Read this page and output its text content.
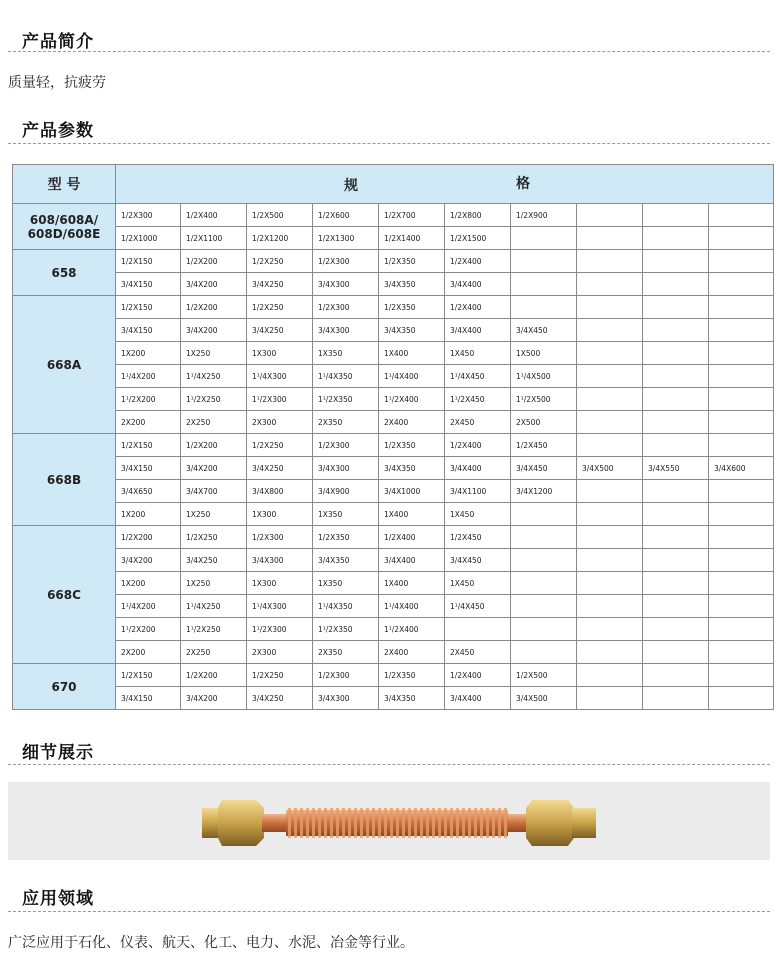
产品简介
质量轻，抗疲劳
产品参数
型 号	规 格									

608/608A/
608D/608E	1/2X300	1/2X400	1/2X500	1/2X600	1/2X700	1/2X800	1/2X900			
	1/2X1000	1/2X1100	1/2X1200	1/2X1300	1/2X1400	1/2X1500				
658	1/2X150	1/2X200	1/2X250	1/2X300	1/2X350	1/2X400				
	3/4X150	3/4X200	3/4X250	3/4X300	3/4X350	3/4X400				
668A	1/2X150	1/2X200	1/2X250	1/2X300	1/2X350	1/2X400				
	3/4X150	3/4X200	3/4X250	3/4X300	3/4X350	3/4X400	3/4X450			
	1X200	1X250	1X300	1X350	1X400	1X450	1X500			
	1¹/4X200	1¹/4X250	1¹/4X300	1¹/4X350	1¹/4X400	1¹/4X450	1¹/4X500			
	1¹/2X200	1¹/2X250	1¹/2X300	1¹/2X350	1¹/2X400	1¹/2X450	1¹/2X500			
	2X200	2X250	2X300	2X350	2X400	2X450	2X500			
668B	1/2X150	1/2X200	1/2X250	1/2X300	1/2X350	1/2X400	1/2X450			
	3/4X150	3/4X200	3/4X250	3/4X300	3/4X350	3/4X400	3/4X450	3/4X500	3/4X550	3/4X600
	3/4X650	3/4X700	3/4X800	3/4X900	3/4X1000	3/4X1100	3/4X1200			
	1X200	1X250	1X300	1X350	1X400	1X450				
668C	1/2X200	1/2X250	1/2X300	1/2X350	1/2X400	1/2X450				
	3/4X200	3/4X250	3/4X300	3/4X350	3/4X400	3/4X450				
	1X200	1X250	1X300	1X350	1X400	1X450				
	1¹/4X200	1¹/4X250	1¹/4X300	1¹/4X350	1¹/4X400	1¹/4X450				
	1¹/2X200	1¹/2X250	1¹/2X300	1¹/2X350	1¹/2X400					
	2X200	2X250	2X300	2X350	2X400	2X450				
670	1/2X150	1/2X200	1/2X250	1/2X300	1/2X350	1/2X400	1/2X500			
	3/4X150	3/4X200	3/4X250	3/4X300	3/4X350	3/4X400	3/4X500			
细节展示
应用领域
广泛应用于石化、仪表、航天、化工、电力、水泥、冶金等行业。
